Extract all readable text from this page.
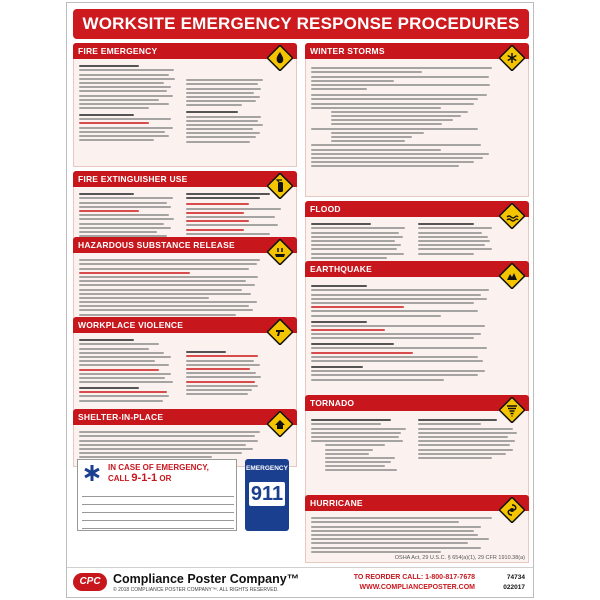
WORKSITE EMERGENCY RESPONSE PROCEDURES
FIRE EMERGENCY
FIRE EXTINGUISHER USE
HAZARDOUS SUBSTANCE RELEASE
WORKPLACE VIOLENCE
SHELTER-IN-PLACE
IN CASE OF EMERGENCY,
CALL 9-1-1 OR
EMERGENCY
911
WINTER STORMS
FLOOD
EARTHQUAKE
TORNADO
HURRICANE
OSHA Act, 29 U.S.C. § 654(a)(1), 29 CFR 1910.38(a)
CPC Compliance Poster Company™
© 2018 COMPLIANCE POSTER COMPANY™. ALL RIGHTS RESERVED.
TO REORDER CALL: 1-800-817-7678
WWW.COMPLIANCEPOSTER.COM
74734
022017
